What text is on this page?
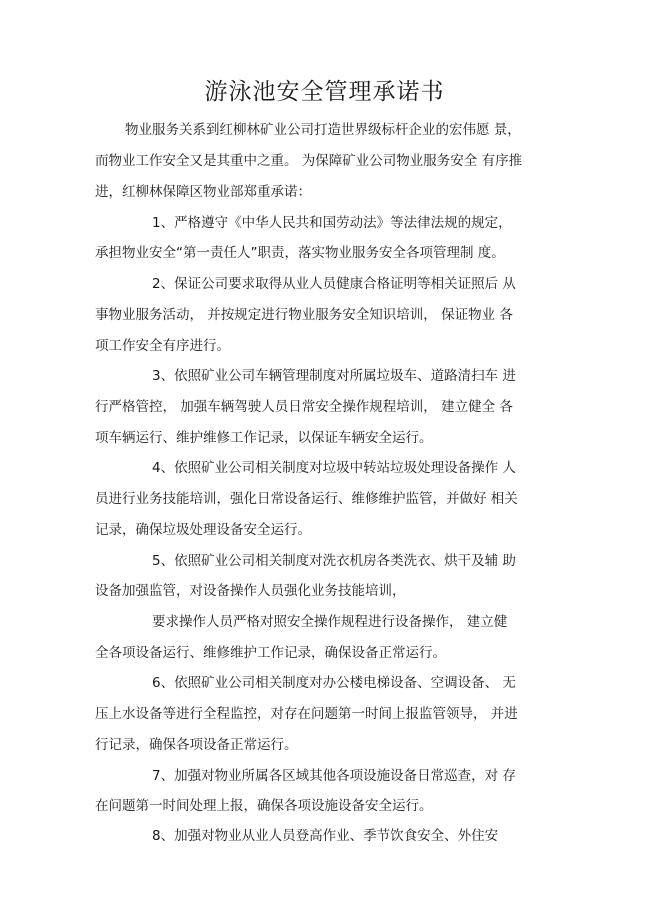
游泳池安全管理承诺书
物业服务关系到红柳林矿业公司打造世界级标杆企业的宏伟愿 景，
而物业工作安全又是其重中之重。 为保障矿业公司物业服务安全 有序推
进，红柳林保障区物业部郑重承诺：
1、严格遵守《中华人民共和国劳动法》等法律法规的规定，
承担物业安全“第一责任人”职责，落实物业服务安全各项管理制 度。
2、保证公司要求取得从业人员健康合格证明等相关证照后 从
事物业服务活动， 并按规定进行物业服务安全知识培训， 保证物业 各
项工作安全有序进行。
3、依照矿业公司车辆管理制度对所属垃圾车、道路清扫车 进
行严格管控， 加强车辆驾驶人员日常安全操作规程培训， 建立健全 各
项车辆运行、维护维修工作记录，以保证车辆安全运行。
4、依照矿业公司相关制度对垃圾中转站垃圾处理设备操作 人
员进行业务技能培训，强化日常设备运行、维修维护监管，并做好 相关
记录，确保垃圾处理设备安全运行。
5、依照矿业公司相关制度对洗衣机房各类洗衣、烘干及辅 助
设备加强监管，对设备操作人员强化业务技能培训，
要求操作人员严格对照安全操作规程进行设备操作， 建立健
全各项设备运行、维修维护工作记录，确保设备正常运行。
6、依照矿业公司相关制度对办公楼电梯设备、空调设备、 无
压上水设备等进行全程监控，对存在问题第一时间上报监管领导， 并进
行记录，确保各项设备正常运行。
7、加强对物业所属各区域其他各项设施设备日常巡查，对 存
在问题第一时间处理上报，确保各项设施设备安全运行。
8、加强对物业从业人员登高作业、季节饮食安全、外住安
